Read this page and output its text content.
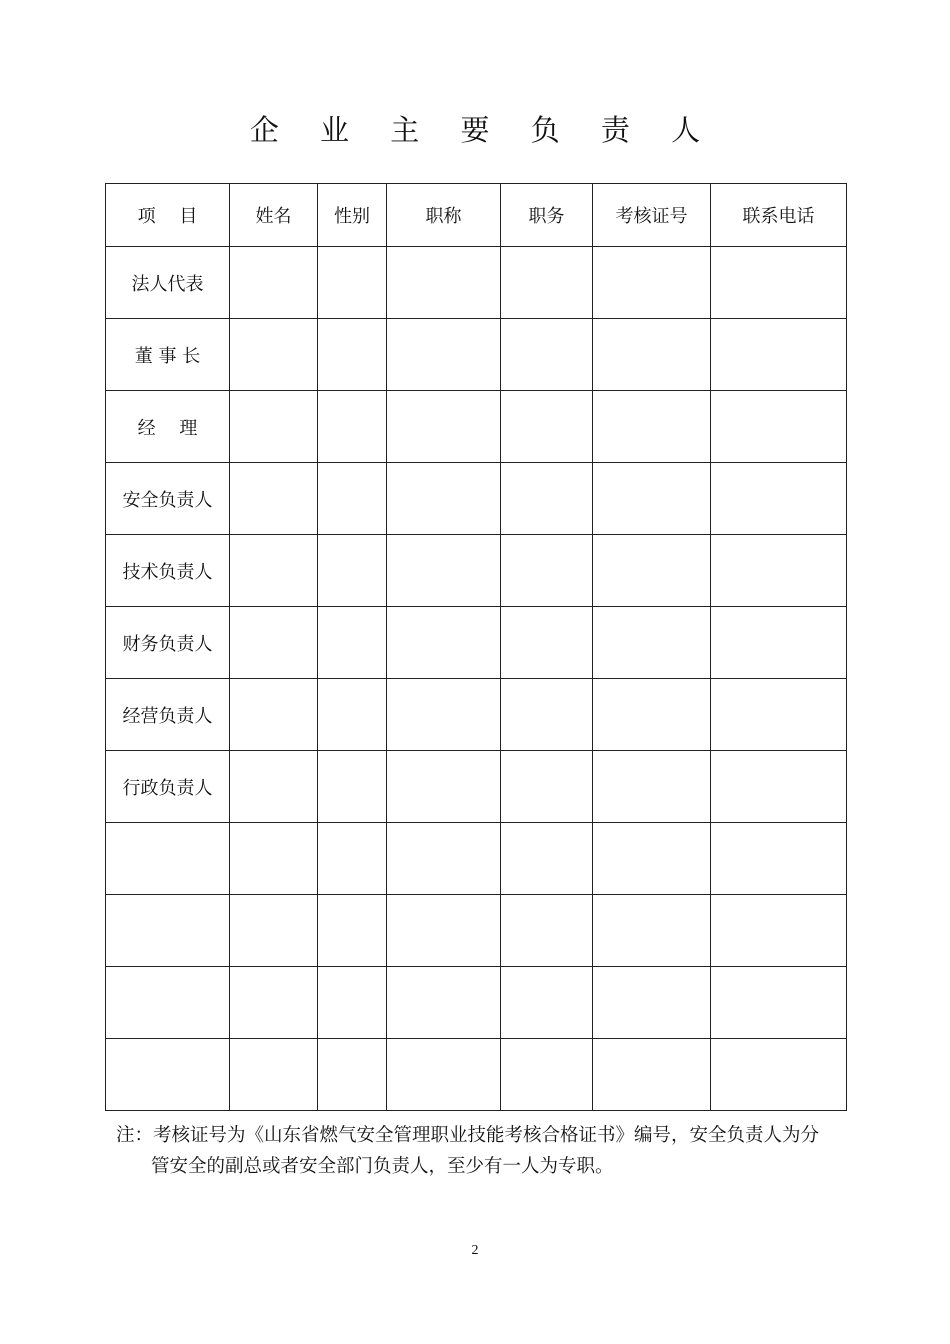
企 业 主 要 负 责 人
项　 目	姓名	性别	职称	职务	考核证号	联系电话
法人代表						
董 事 长						
经　 理						
安全负责人						
技术负责人						
财务负责人						
经营负责人						
行政负责人						

注：考核证号为《山东省燃气安全管理职业技能考核合格证书》编号，安全负责人为分
管安全的副总或者安全部门负责人，至少有一人为专职。
2
